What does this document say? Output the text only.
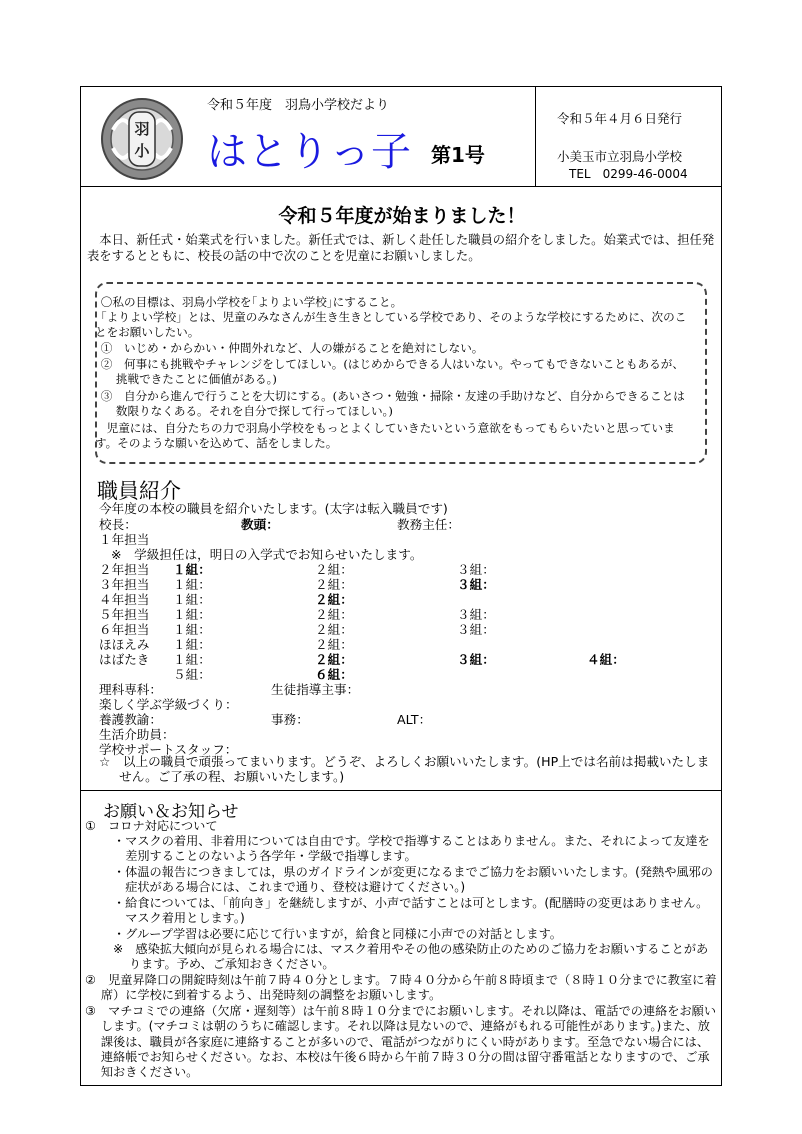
羽
小
令和５年度　羽鳥小学校だより
はとりっ子 第1号
令和５年４月６日発行
小美玉市立羽鳥小学校
TEL　0299-46-0004
令和５年度が始まりました！
本日、新任式・始業式を行いました。新任式では、新しく赴任した職員の紹介をしました。始業式では、担任発表をするとともに、校長の話の中で次のことを児童にお願いしました。
〇私の目標は、羽鳥小学校を｢よりよい学校｣にすること。
「よりよい学校」とは、児童のみなさんが生き生きとしている学校であり、そのような学校にするために、次のことをお願いしたい。
①　いじめ・からかい・仲間外れなど、人の嫌がることを絶対にしない。
②　何事にも挑戦やチャレンジをしてほしい。(はじめからできる人はいない。やってもできないこともあるが、挑戦できたことに価値がある。)
③　自分から進んで行うことを大切にする。(あいさつ・勉強・掃除・友達の手助けなど、自分からできることは数限りなくある。それを自分で探して行ってほしい。)
児童には、自分たちの力で羽鳥小学校をもっとよくしていきたいという意欲をもってもらいたいと思っています。そのような願いを込めて、話をしました。
職員紹介
今年度の本校の職員を紹介いたします。(太字は転入職員です)
校長：	教頭：	教務主任：
１年担当
※　学級担任は，明日の入学式でお知らせいたします。
２年担当 １組：	２組：	３組：
３年担当 １組：	２組：	３組：
４年担当 １組：	２組：
５年担当 １組：	２組：	３組：
６年担当 １組：	２組：	３組：
ほほえみ １組：	２組：
はばたき １組：	２組：	３組：	４組：
５組：	６組：
理科専科：	生徒指導主事：
楽しく学ぶ学級づくり：
養護教諭：	事務：	ALT：
生活介助員：
学校サポートスタッフ：
☆　以上の職員で頑張ってまいります。どうぞ、よろしくお願いいたします。(HP上では名前は掲載いたしません。ご了承の程、お願いいたします。)
お願い＆お知らせ
①　コロナ対応について
・マスクの着用、非着用については自由です。学校で指導することはありません。また、それによって友達を差別することのないよう各学年・学級で指導します。
・体温の報告につきましては，県のガイドラインが変更になるまでご協力をお願いいたします。(発熱や風邪の症状がある場合には、これまで通り、登校は避けてください。)
・給食については、「前向き」を継続しますが、小声で話すことは可とします。(配膳時の変更はありません。マスク着用とします。)
・グループ学習は必要に応じて行いますが，給食と同様に小声での対話とします。
※　感染拡大傾向が見られる場合には、マスク着用やその他の感染防止のためのご協力をお願いすることがあります。予め、ご承知おきください。
②　児童昇降口の開錠時刻は午前７時４０分とします。７時４０分から午前８時頃まで（８時１０分までに教室に着席）に学校に到着するよう、出発時刻の調整をお願いします。
③　マチコミでの連絡（欠席・遅刻等）は午前８時１０分までにお願いします。それ以降は、電話での連絡をお願いします。(マチコミは朝のうちに確認します。それ以降は見ないので、連絡がもれる可能性があります。)また、放課後は、職員が各家庭に連絡することが多いので、電話がつながりにくい時があります。至急でない場合には、連絡帳でお知らせください。なお、本校は午後６時から午前７時３０分の間は留守番電話となりますので、ご承知おきください。
